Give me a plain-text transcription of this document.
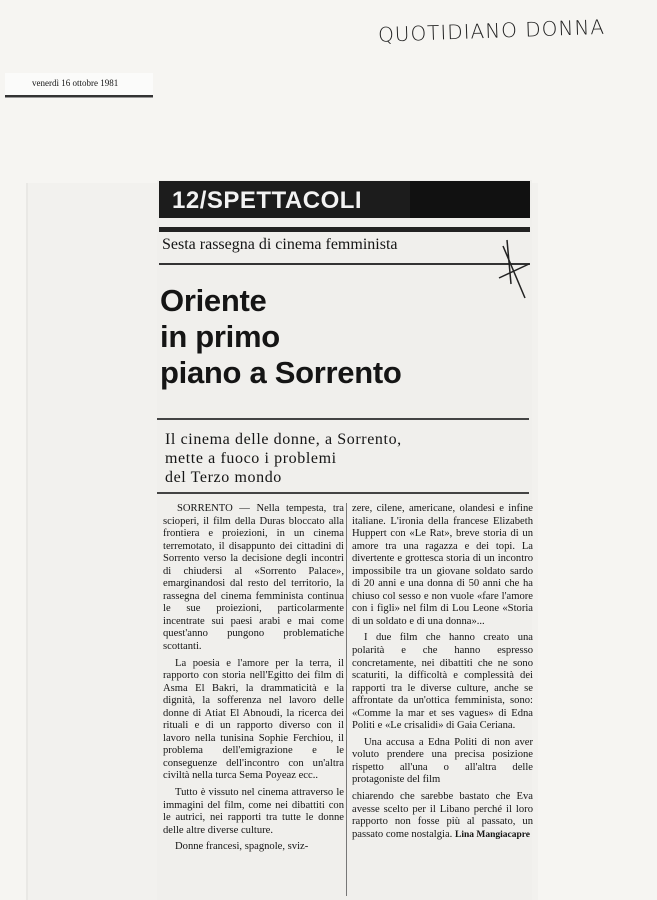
QUOTIDIANO DONNA
venerdì 16 ottobre 1981
12/SPETTACOLI
Sesta rassegna di cinema femminista
Oriente
in primo
piano a Sorrento
Il cinema delle donne, a Sorrento,
mette a fuoco i problemi
del Terzo mondo

SORRENTO — Nella tempesta, tra scioperi, il film della Duras bloccato alla frontiera e proiezioni, in un cinema terremotato, il disappunto dei cittadini di Sorrento verso la decisione degli incontri di chiudersi al «Sorrento Palace», emarginandosi dal resto del territorio, la rassegna del cinema femminista continua le sue proiezioni, particolarmente incentrate sui paesi arabi e mai come quest'anno pungono problematiche scottanti.

La poesia e l'amore per la terra, il rapporto con storia nell'Egitto dei film di Asma El Bakri, la drammaticità e la dignità, la sofferenza nel lavoro delle donne di Atiat El Abnoudi, la ricerca dei rituali e di un rapporto diverso con il lavoro nella tunisina Sophie Ferchiou, il problema dell'emigrazione e le conseguenze dell'incontro con un'altra civiltà nella turca Sema Poyeaz ecc..

Tutto è vissuto nel cinema attraverso le immagini del film, come nei dibattiti con le autrici, nei rapporti tra tutte le donne delle altre diverse culture.

Donne francesi, spagnole, sviz-

zere, cilene, americane, olandesi e infine italiane. L'ironia della francese Elizabeth Huppert con «Le Rat», breve storia di un amore tra una ragazza e dei topi. La divertente e grottesca storia di un incontro impossibile tra un giovane soldato sardo di 20 anni e una donna di 50 anni che ha chiuso col sesso e non vuole «fare l'amore con i figli» nel film di Lou Leone «Storia di un soldato e di una donna»...

I due film che hanno creato una polarità e che hanno espresso concretamente, nei dibattiti che ne sono scaturiti, la difficoltà e complessità dei rapporti tra le diverse culture, anche se affrontate da un'ottica femminista, sono: «Comme la mar et ses vagues» di Edna Politi e «Le crisalidi» di Gaia Ceriana.

Una accusa a Edna Politi di non aver voluto prendere una precisa posizione rispetto all'una o all'altra delle protagoniste del film

chiarendo che sarebbe bastato che Eva avesse scelto per il Libano perché il loro rapporto non fosse più al passato, un passato come nostalgia. Lina Mangiacapre
